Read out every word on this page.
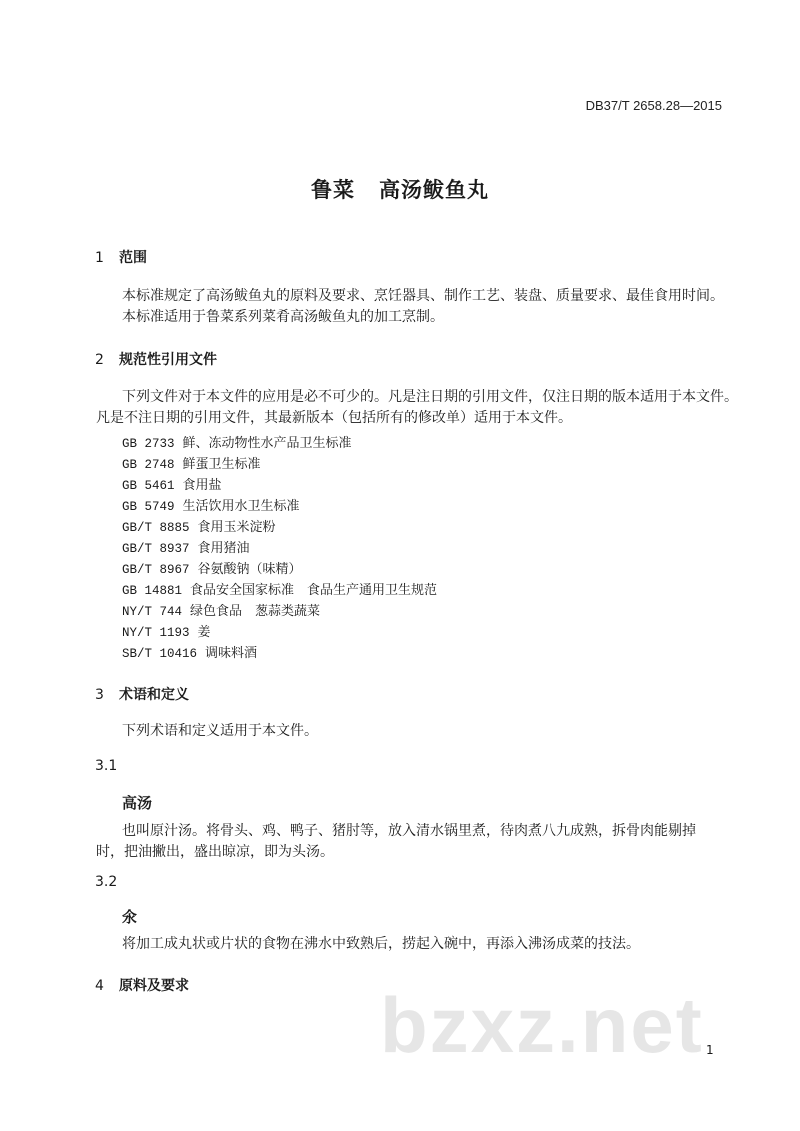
DB37/T 2658.28—2015
鲁菜 高汤鲅鱼丸
1 范围
本标准规定了高汤鲅鱼丸的原料及要求、烹饪器具、制作工艺、装盘、质量要求、最佳食用时间。
本标准适用于鲁菜系列菜肴高汤鲅鱼丸的加工烹制。
2 规范性引用文件
下列文件对于本文件的应用是必不可少的。凡是注日期的引用文件，仅注日期的版本适用于本文件。
凡是不注日期的引用文件，其最新版本（包括所有的修改单）适用于本文件。
GB 2733 鲜、冻动物性水产品卫生标准
GB 2748 鲜蛋卫生标准
GB 5461 食用盐
GB 5749 生活饮用水卫生标准
GB/T 8885 食用玉米淀粉
GB/T 8937 食用猪油
GB/T 8967 谷氨酸钠（味精）
GB 14881 食品安全国家标准　食品生产通用卫生规范
NY/T 744 绿色食品　葱蒜类蔬菜
NY/T 1193 姜
SB/T 10416 调味料酒
3 术语和定义
下列术语和定义适用于本文件。
3.1
高汤
也叫原汁汤。将骨头、鸡、鸭子、猪肘等，放入清水锅里煮，待肉煮八九成熟，拆骨肉能剔掉
时，把油撇出，盛出晾凉，即为头汤。
3.2
氽
将加工成丸状或片状的食物在沸水中致熟后，捞起入碗中，再添入沸汤成菜的技法。
4 原料及要求 bzxz.net 1
